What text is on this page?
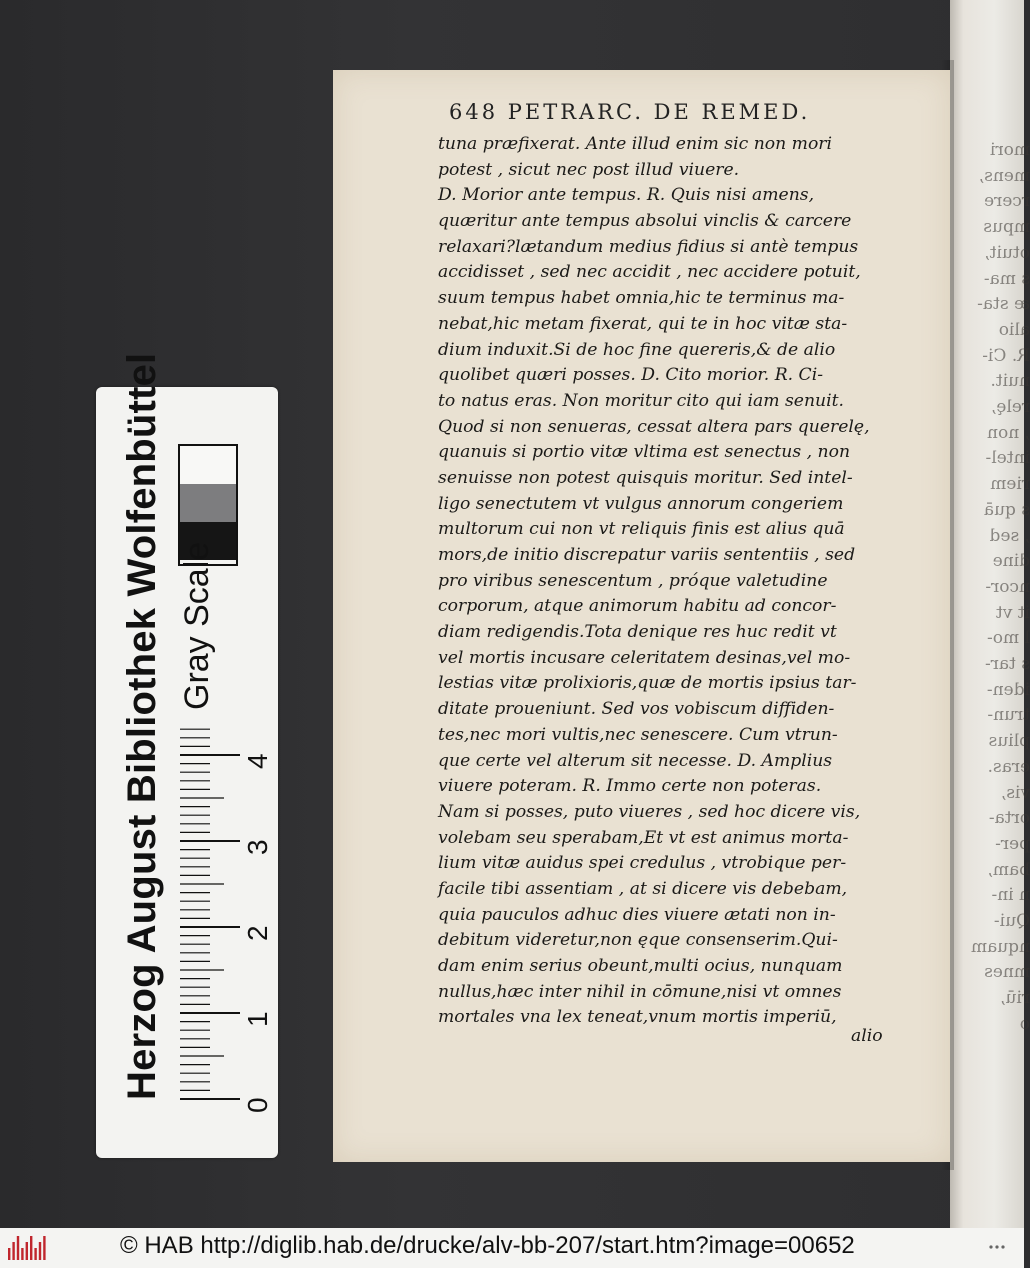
mori
mens,
rcere
mpus
otuit,
s ma-
æ sta-
alio
R. Ci-
nuit.
relę,
, non
intel-
riem
s quā
, sed
dine
ncor-
it vt
l mo-
s tar-
iden-
trun-
plius
eras.
vis,
orta-
per-
bam,
n in-
Qui-
nquam
mnes
riū,
o
648 PETRARC. DE REMED.
tuna præfixerat. Ante illud enim sic non mori
potest , sicut nec post illud viuere.
D. Morior ante tempus. R. Quis nisi amens,
quæritur ante tempus absolui vinclis & carcere
relaxari?lætandum medius fidius si antè tempus
accidisset , sed nec accidit , nec accidere potuit,
suum tempus habet omnia,hic te terminus ma-
nebat,hic metam fixerat, qui te in hoc vitæ sta-
dium induxit.Si de hoc fine quereris,& de alio
quolibet quæri posses. D. Cito morior. R. Ci-
to natus eras. Non moritur cito qui iam senuit.
Quod si non senueras, cessat altera pars querelę,
quanuis si portio vitæ vltima est senectus , non
senuisse non potest quisquis moritur. Sed intel-
ligo senectutem vt vulgus annorum congeriem
multorum cui non vt reliquis finis est alius quā
mors,de initio discrepatur variis sententiis , sed
pro viribus senescentum , próque valetudine
corporum, atque animorum habitu ad concor-
diam redigendis.Tota denique res huc redit vt
vel mortis incusare celeritatem desinas,vel mo-
lestias vitæ prolixioris,quæ de mortis ipsius tar-
ditate proueniunt. Sed vos vobiscum diffiden-
tes,nec mori vultis,nec senescere. Cum vtrun-
que certe vel alterum sit necesse. D. Amplius
viuere poteram. R. Immo certe non poteras.
Nam si posses, puto viueres , sed hoc dicere vis,
volebam seu sperabam,Et vt est animus morta-
lium vitæ auidus spei credulus , vtrobique per-
facile tibi assentiam , at si dicere vis debebam,
quia pauculos adhuc dies viuere ætati non in-
debitum videretur,non ęque consenserim.Qui-
dam enim serius obeunt,multi ocius, nunquam
nullus,hæc inter nihil in cōmune,nisi vt omnes
mortales vna lex teneat,vnum mortis imperiū,
alio
Herzog August Bibliothek Wolfenbüttel Gray Scale
0
1
2
3
4
© HAB http://diglib.hab.de/drucke/alv-bb-207/start.htm?image=00652
